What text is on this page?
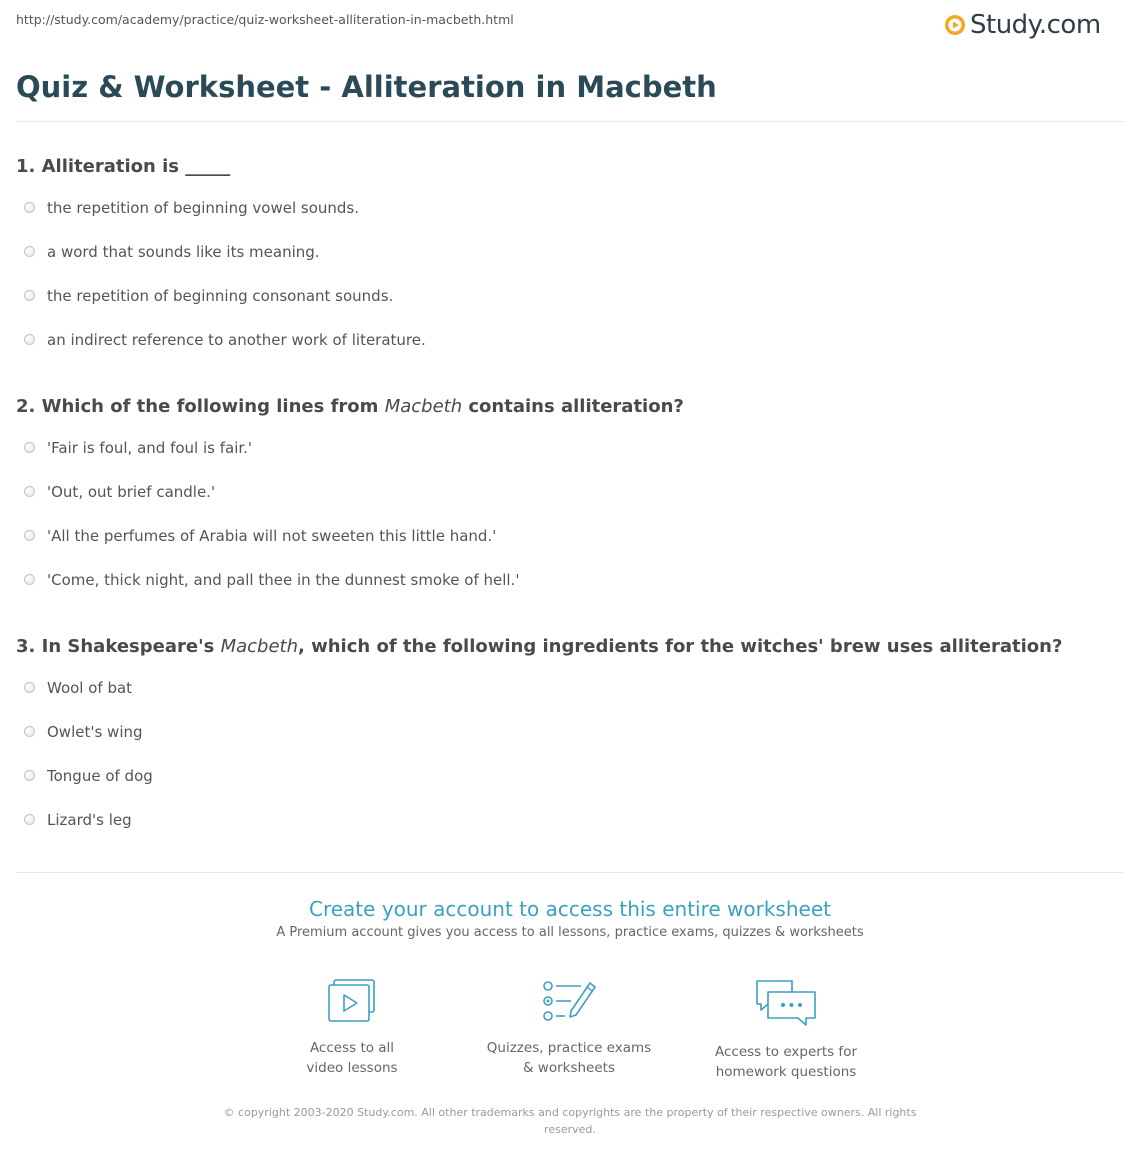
http://study.com/academy/practice/quiz-worksheet-alliteration-in-macbeth.html	Study.com
Quiz & Worksheet - Alliteration in Macbeth
1. Alliteration is _____
the repetition of beginning vowel sounds.
a word that sounds like its meaning.
the repetition of beginning consonant sounds.
an indirect reference to another work of literature.
2. Which of the following lines from Macbeth contains alliteration?
'Fair is foul, and foul is fair.'
'Out, out brief candle.'
'All the perfumes of Arabia will not sweeten this little hand.'
'Come, thick night, and pall thee in the dunnest smoke of hell.'
3. In Shakespeare's Macbeth, which of the following ingredients for the witches' brew uses alliteration?
Wool of bat
Owlet's wing
Tongue of dog
Lizard's leg
Create your account to access this entire worksheet
A Premium account gives you access to all lessons, practice exams, quizzes & worksheets
Access to all
video lessons
Quizzes, practice exams
& worksheets
Access to experts for
homework questions
© copyright 2003-2020 Study.com. All other trademarks and copyrights are the property of their respective owners. All rights reserved.
